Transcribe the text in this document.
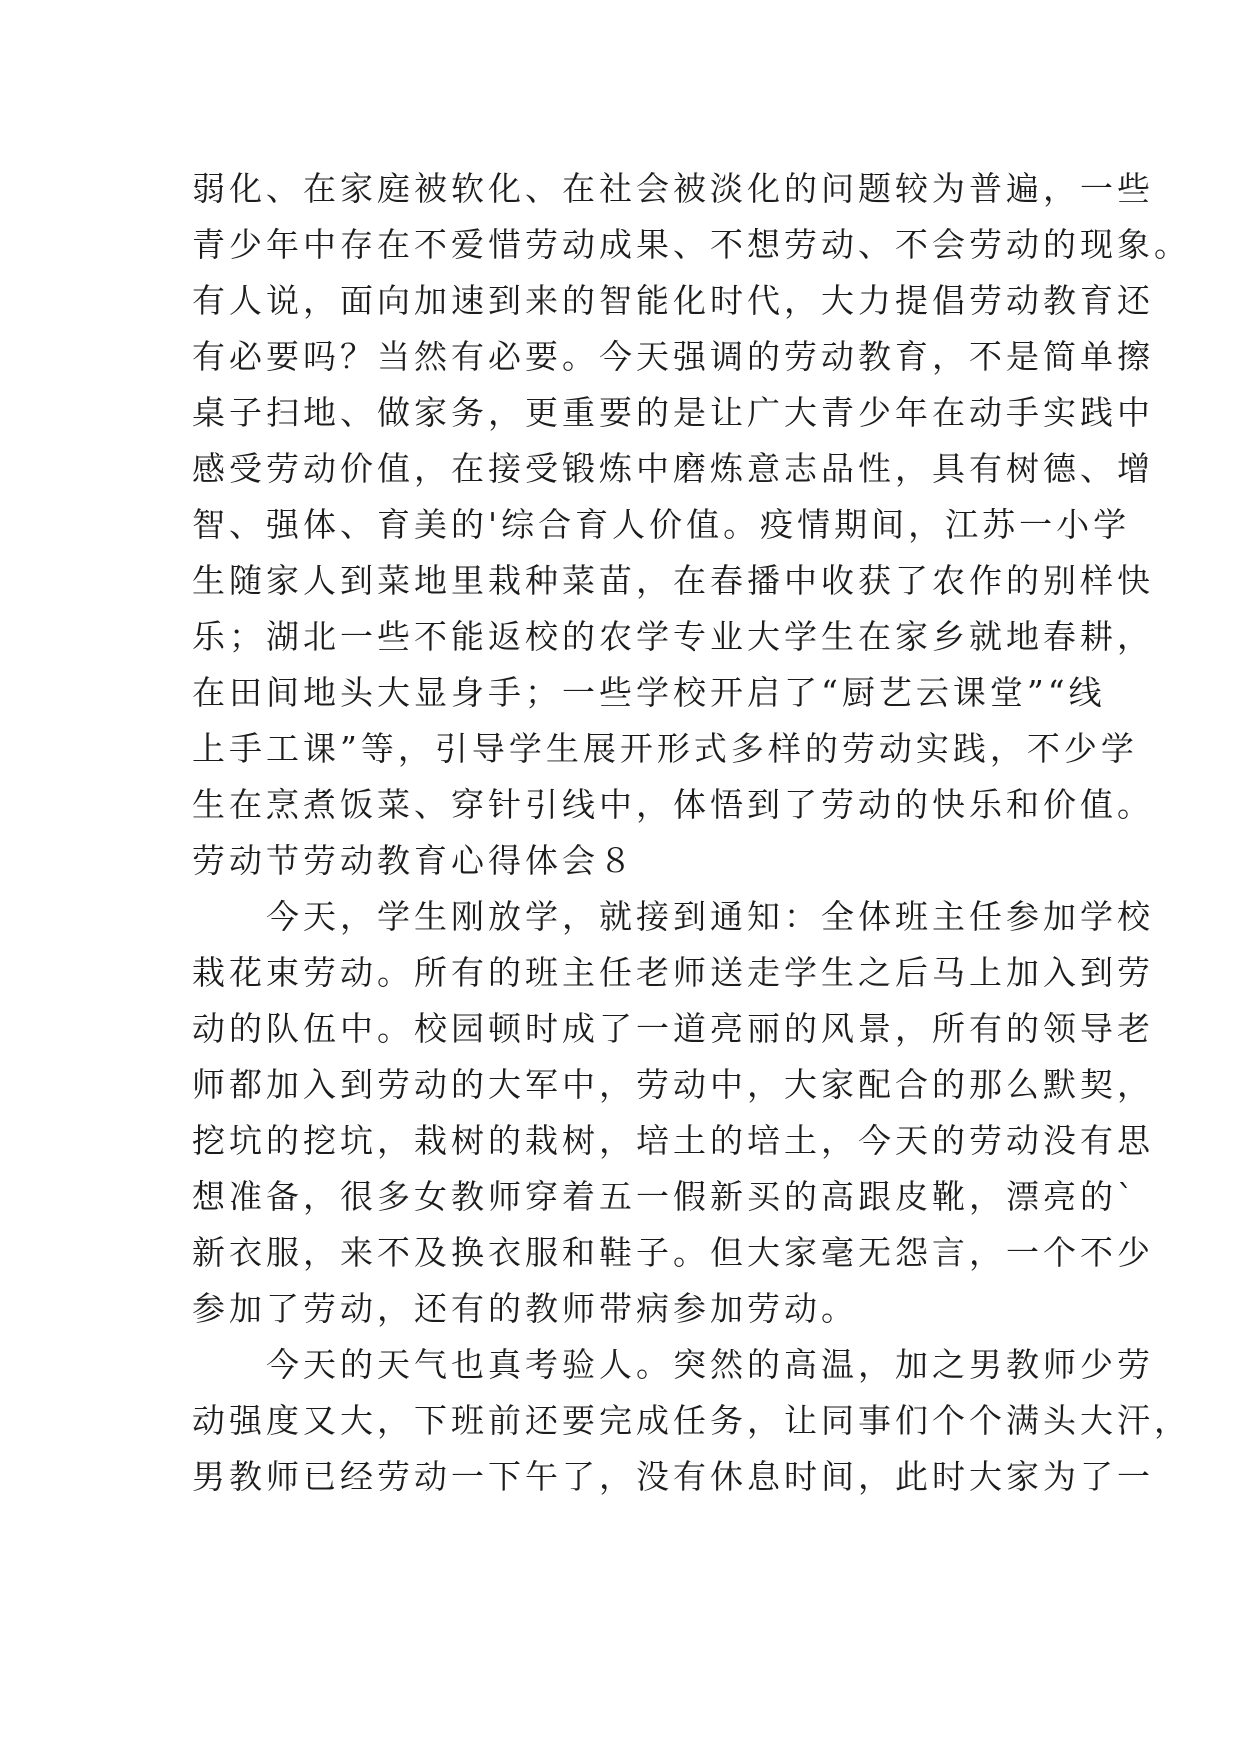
弱化、在家庭被软化、在社会被淡化的问题较为普遍，一些
青少年中存在不爱惜劳动成果、不想劳动、不会劳动的现象。
有人说，面向加速到来的智能化时代，大力提倡劳动教育还
有必要吗？当然有必要。今天强调的劳动教育，不是简单擦
桌子扫地、做家务，更重要的是让广大青少年在动手实践中
感受劳动价值，在接受锻炼中磨炼意志品性，具有树德、增
智、强体、育美的'综合育人价值。疫情期间，江苏一小学
生随家人到菜地里栽种菜苗，在春播中收获了农作的别样快
乐；湖北一些不能返校的农学专业大学生在家乡就地春耕，
在田间地头大显身手；一些学校开启了“厨艺云课堂”“线
上手工课”等，引导学生展开形式多样的劳动实践，不少学
生在烹煮饭菜、穿针引线中，体悟到了劳动的快乐和价值。
劳动节劳动教育心得体会８
　　今天，学生刚放学，就接到通知：全体班主任参加学校
栽花束劳动。所有的班主任老师送走学生之后马上加入到劳
动的队伍中。校园顿时成了一道亮丽的风景，所有的领导老
师都加入到劳动的大军中，劳动中，大家配合的那么默契，
挖坑的挖坑，栽树的栽树，培土的培土，今天的劳动没有思
想准备，很多女教师穿着五一假新买的高跟皮靴，漂亮的`
新衣服，来不及换衣服和鞋子。但大家毫无怨言，一个不少
参加了劳动，还有的教师带病参加劳动。
　　今天的天气也真考验人。突然的高温，加之男教师少劳
动强度又大，下班前还要完成任务，让同事们个个满头大汗，
男教师已经劳动一下午了，没有休息时间，此时大家为了一
